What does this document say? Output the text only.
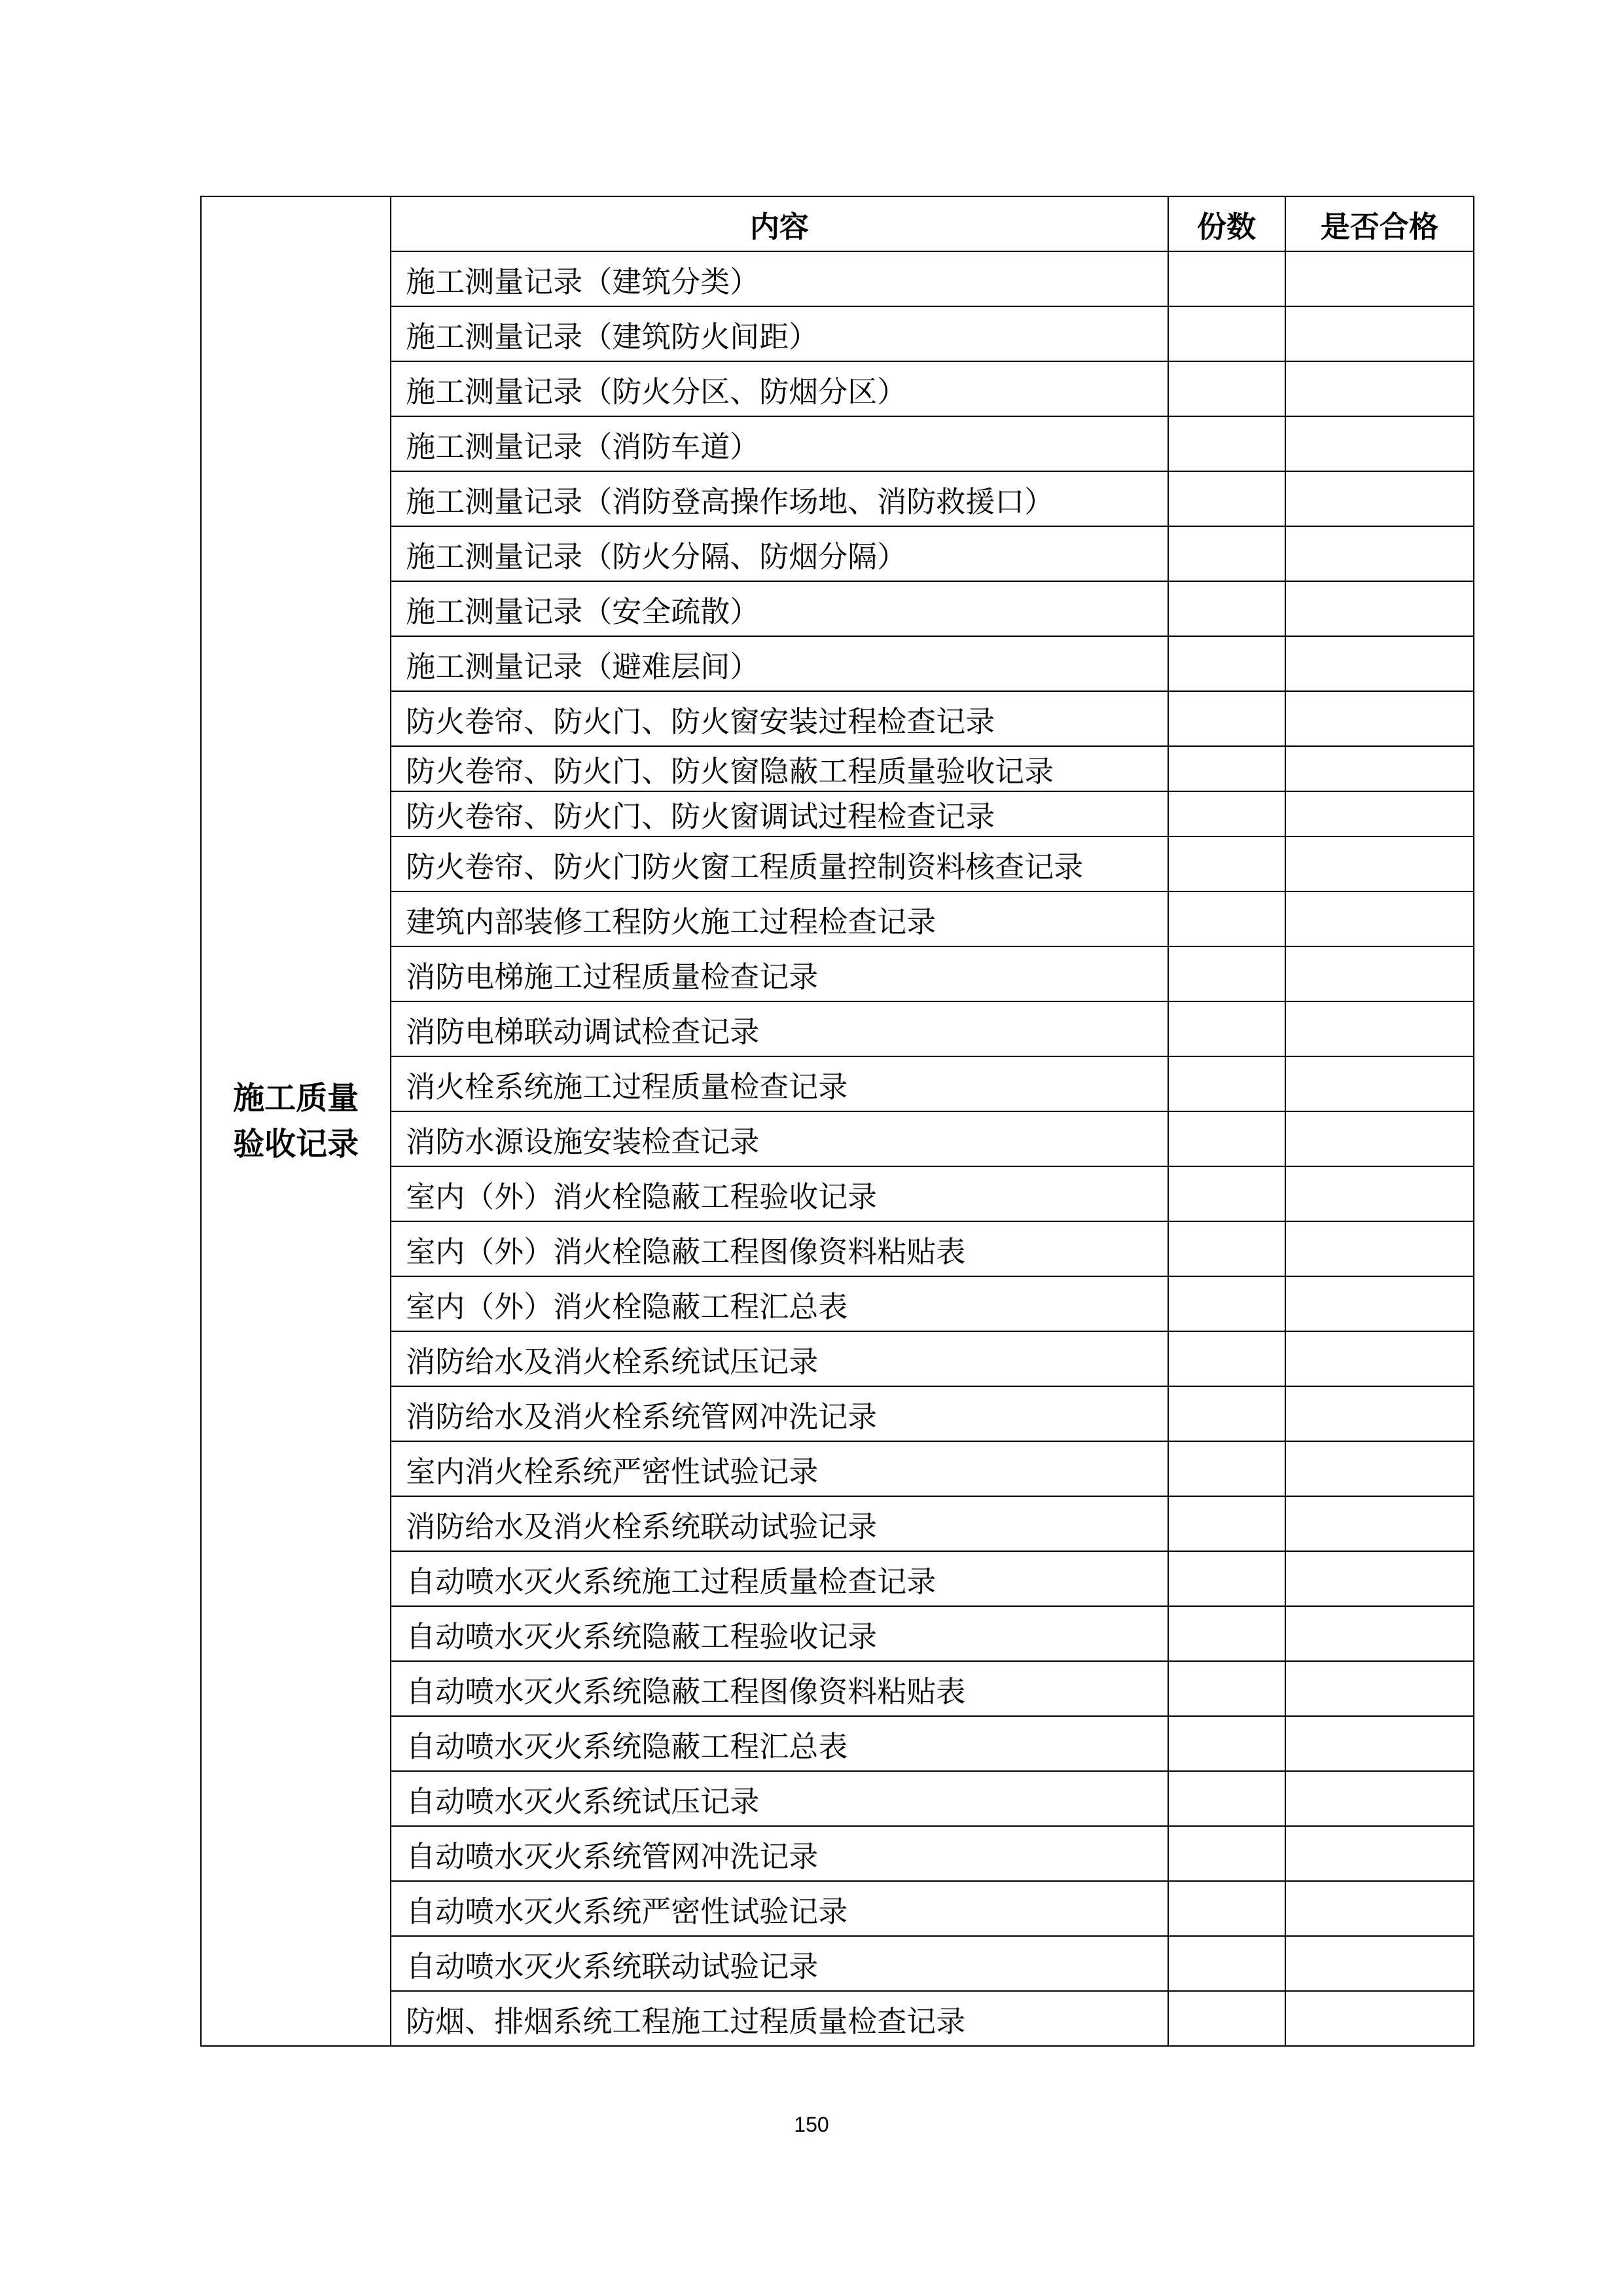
施工质量
验收记录	内容	份数	是否合格
	施工测量记录（建筑分类）		
	施工测量记录（建筑防火间距）		
	施工测量记录（防火分区、防烟分区）		
	施工测量记录（消防车道）		
	施工测量记录（消防登高操作场地、消防救援口）		
	施工测量记录（防火分隔、防烟分隔）		
	施工测量记录（安全疏散）		
	施工测量记录（避难层间）		
	防火卷帘、防火门、防火窗安装过程检查记录		
	防火卷帘、防火门、防火窗隐蔽工程质量验收记录		
	防火卷帘、防火门、防火窗调试过程检查记录		
	防火卷帘、防火门防火窗工程质量控制资料核查记录		
	建筑内部装修工程防火施工过程检查记录		
	消防电梯施工过程质量检查记录		
	消防电梯联动调试检查记录		
	消火栓系统施工过程质量检查记录		
	消防水源设施安装检查记录		
	室内（外）消火栓隐蔽工程验收记录		
	室内（外）消火栓隐蔽工程图像资料粘贴表		
	室内（外）消火栓隐蔽工程汇总表		
	消防给水及消火栓系统试压记录		
	消防给水及消火栓系统管网冲洗记录		
	室内消火栓系统严密性试验记录		
	消防给水及消火栓系统联动试验记录		
	自动喷水灭火系统施工过程质量检查记录		
	自动喷水灭火系统隐蔽工程验收记录		
	自动喷水灭火系统隐蔽工程图像资料粘贴表		
	自动喷水灭火系统隐蔽工程汇总表		
	自动喷水灭火系统试压记录		
	自动喷水灭火系统管网冲洗记录		
	自动喷水灭火系统严密性试验记录		
	自动喷水灭火系统联动试验记录		
	防烟、排烟系统工程施工过程质量检查记录		
150
